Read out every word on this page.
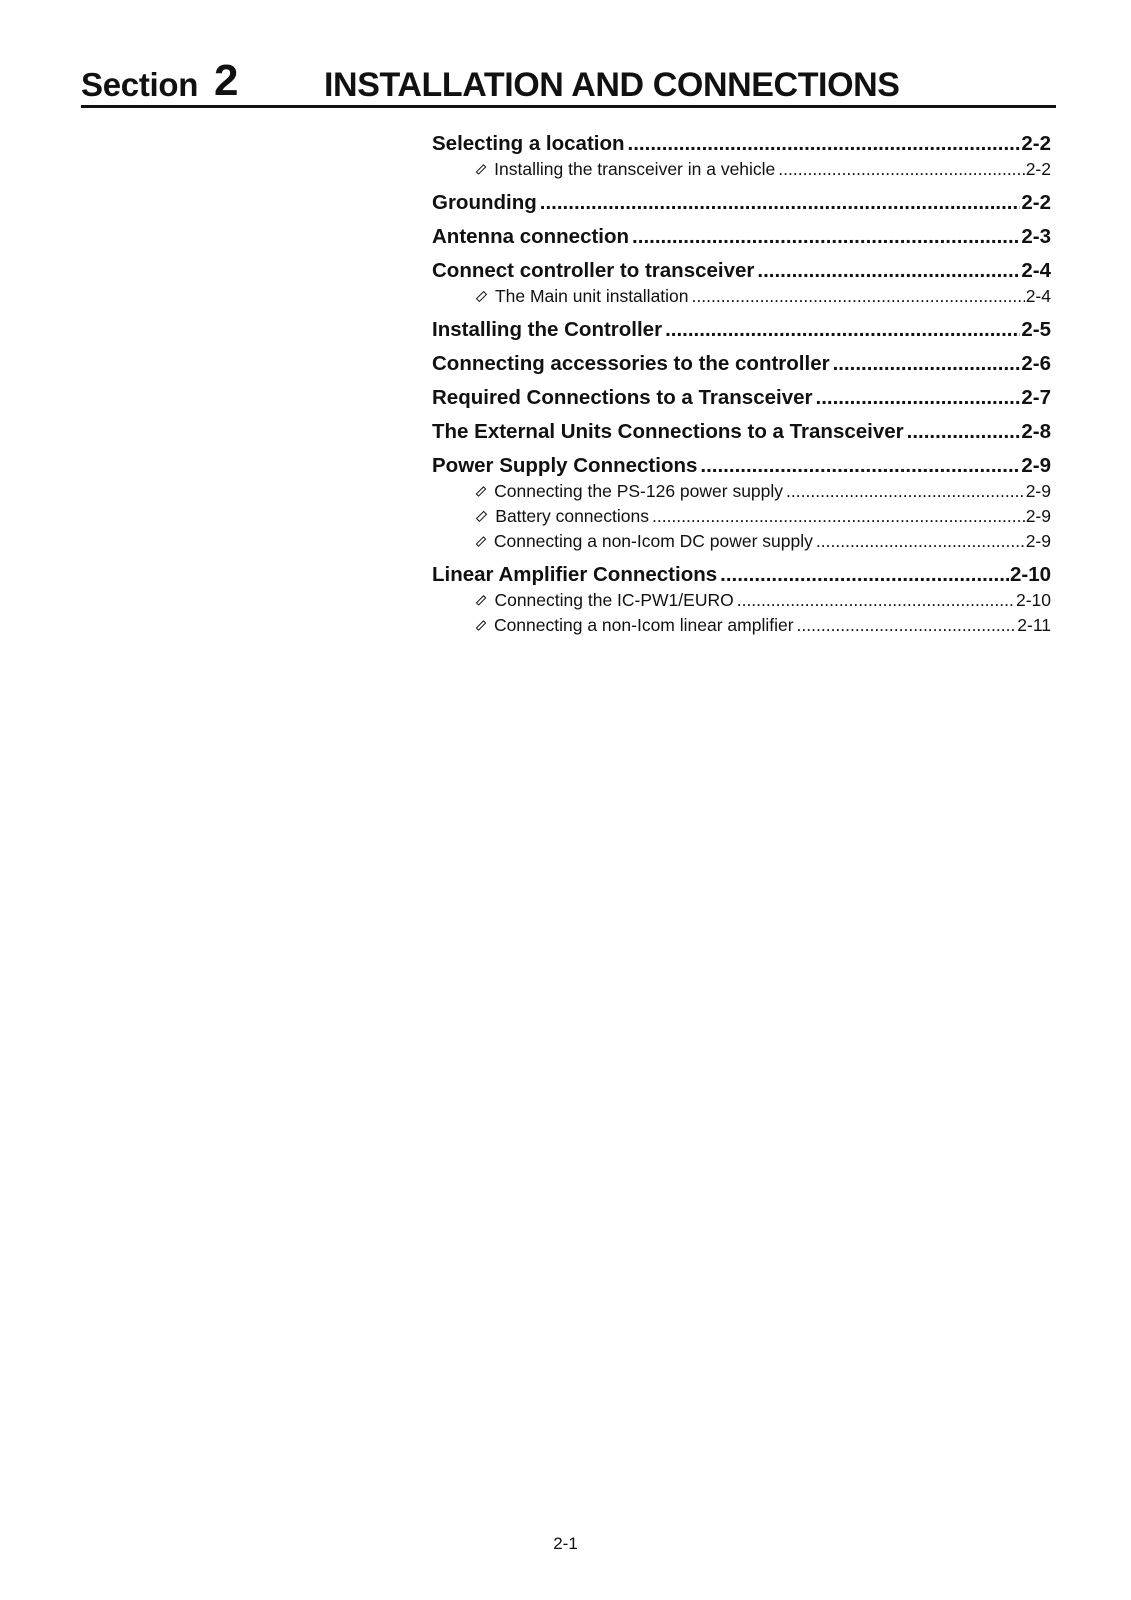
Section 2	INSTALLATION AND CONNECTIONS
Selecting a location .....	2-2
Installing the transceiver in a vehicle .....	2-2
Grounding .....	2-2
Antenna connection .....	2-3
Connect controller to transceiver .....	2-4
The Main unit installation .....	2-4
Installing the Controller .....	2-5
Connecting accessories to the controller .....	2-6
Required Connections to a Transceiver .....	2-7
The External Units Connections to a Transceiver .....	2-8
Power Supply Connections .....	2-9
Connecting the PS-126 power supply .....	2-9
Battery connections .....	2-9
Connecting a non-Icom DC power supply .....	2-9
Linear Amplifier Connections .....	2-10
Connecting the IC-PW1/EURO .....	2-10
Connecting a non-Icom linear amplifier .....	2-11
2-1
